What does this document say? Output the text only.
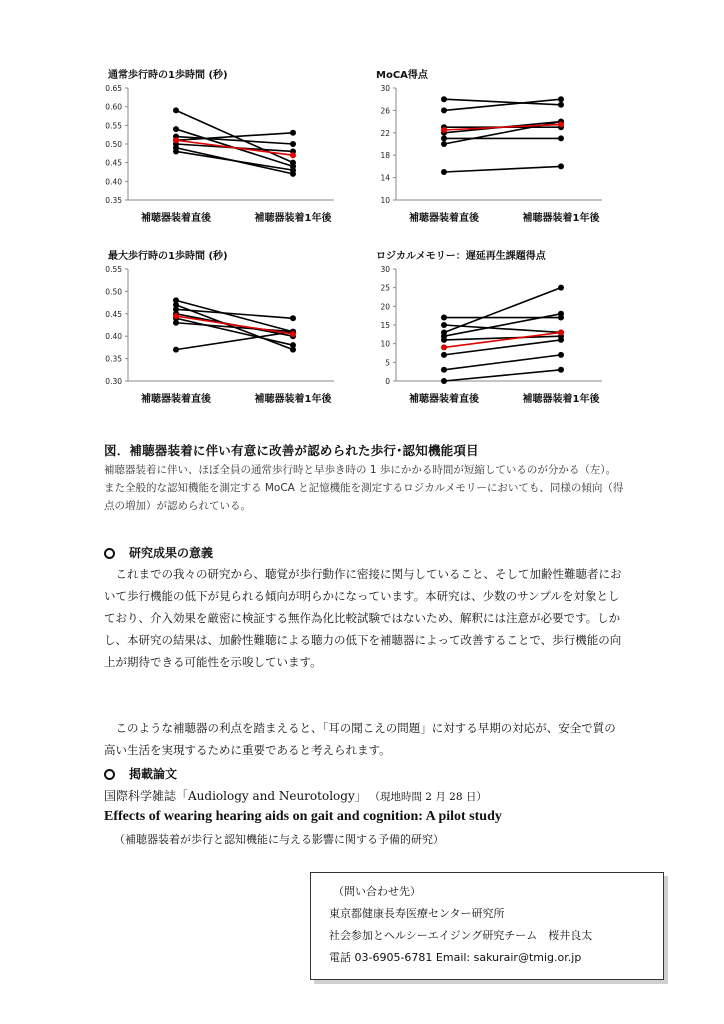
通常歩行時の1歩時間 (秒)	MoCA得点
最大歩行時の1歩時間 (秒)	ロジカルメモリー：遅延再生課題得点
0.65
0.60
0.55
0.50
0.45
0.40
0.35
補聴器装着直後	補聴器装着1年後
30
26
22
18
14
10
補聴器装着直後	補聴器装着1年後
0.55
0.50
0.45
0.40
0.35
0.30
補聴器装着直後	補聴器装着1年後
30
25
20
15
10
5
0
補聴器装着直後	補聴器装着1年後
図．補聴器装着に伴い有意に改善が認められた歩行･認知機能項目
補聴器装着に伴い、ほぼ全員の通常歩行時と早歩き時の 1 歩にかかる時間が短縮しているのが分かる（左）。また全般的な認知機能を測定する MoCA と記憶機能を測定するロジカルメモリーにおいても、同様の傾向（得点の増加）が認められている。
研究成果の意義
これまでの我々の研究から、聴覚が歩行動作に密接に関与していること、そして加齢性難聴者において歩行機能の低下が見られる傾向が明らかになっています。本研究は、少数のサンプルを対象としており、介入効果を厳密に検証する無作為化比較試験ではないため、解釈には注意が必要です。しかし、本研究の結果は、加齢性難聴による聴力の低下を補聴器によって改善することで、歩行機能の向上が期待できる可能性を示唆しています。
このような補聴器の利点を踏まえると、「耳の聞こえの問題」に対する早期の対応が、安全で質の高い生活を実現するために重要であると考えられます。
掲載論文
国際科学雑誌「Audiology and Neurotology」 （現地時間 2 月 28 日）
Effects of wearing hearing aids on gait and cognition: A pilot study
（補聴器装着が歩行と認知機能に与える影響に関する予備的研究）
（問い合わせ先）
東京都健康長寿医療センター研究所
社会参加とヘルシーエイジング研究チーム　桜井良太
電話 03-6905-6781 Email: sakurair@tmig.or.jp
